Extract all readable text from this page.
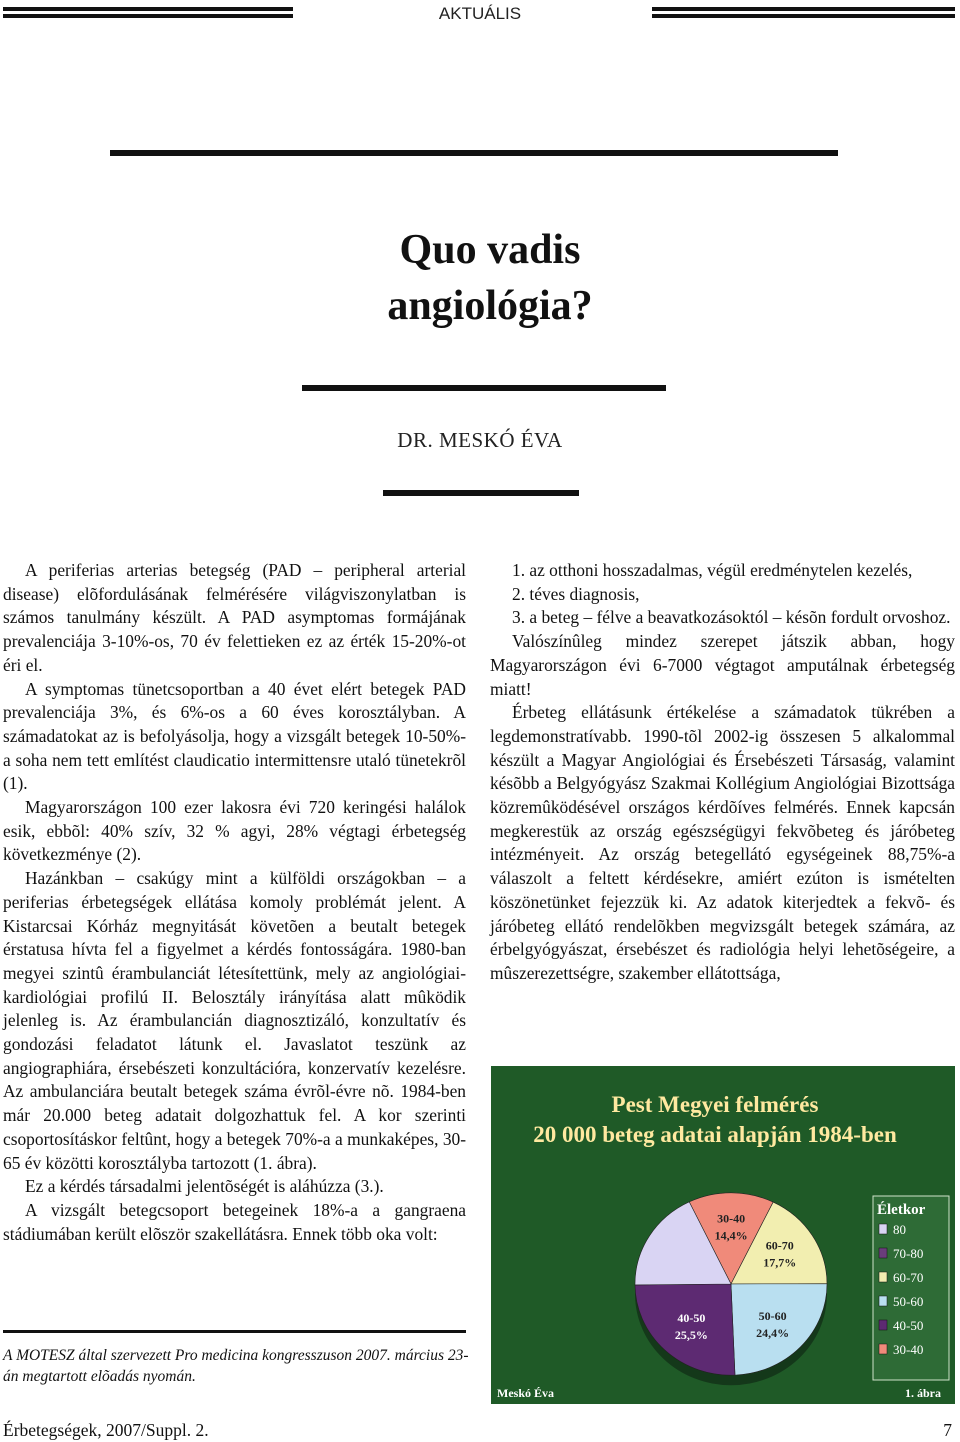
AKTUÁLIS
Quo vadis
angiológia?
DR. MESKÓ ÉVA

A periferias arterias betegség (PAD – peripheral arterial disease) elõfordulásának felmérésére világviszonylatban is számos tanulmány készült. A PAD asymptomas formájának prevalenciája 3-10%-os, 70 év felettieken ez az érték 15-20%-ot éri el.

A symptomas tünetcsoportban a 40 évet elért betegek PAD prevalenciája 3%, és 6%-os a 60 éves korosztályban. A számadatokat az is befolyásolja, hogy a vizsgált betegek 10-50%-a soha nem tett említést claudicatio intermittensre utaló tünetekrõl (1).

Magyarországon 100 ezer lakosra évi 720 keringési halálok esik, ebbõl: 40% szív, 32 % agyi, 28% végtagi érbetegség következménye (2).

Hazánkban – csakúgy mint a külföldi országokban – a periferias érbetegségek ellátása komoly problémát jelent. A Kistarcsai Kórház megnyitását követõen a beutalt betegek érstatusa hívta fel a figyelmet a kérdés fontosságára. 1980-ban megyei szintû érambulanciát létesítettünk, mely az angiológiai-kardiológiai profilú II. Belosztály irányítása alatt mûködik jelenleg is. Az érambulancián diagnosztizáló, konzultatív és gondozási feladatot látunk el. Javaslatot teszünk az angiographiára, érsebészeti konzultációra, konzervatív kezelésre. Az ambulanciára beutalt betegek száma évrõl-évre nõ. 1984-ben már 20.000 beteg adatait dolgozhattuk fel. A kor szerinti csoportosításkor feltûnt, hogy a betegek 70%-a a munkaképes, 30-65 év közötti korosztályba tartozott (1. ábra).

Ez a kérdés társadalmi jelentõségét is aláhúzza (3.).

A vizsgált betegcsoport betegeinek 18%-a a gangraena stádiumában került elõször szakellátásra. Ennek több oka volt:

1. az otthoni hosszadalmas, végül eredménytelen kezelés,

2. téves diagnosis,

3. a beteg – félve a beavatkozásoktól – késõn fordult orvoshoz.

Valószínûleg mindez szerepet játszik abban, hogy Magyarországon évi 6-7000 végtagot amputálnak érbetegség miatt!

Érbeteg ellátásunk értékelése a számadatok tükrében a legdemonstratívabb. 1990-tõl 2002-ig összesen 5 alkalommal készült a Magyar Angiológiai és Érsebészeti Társaság, valamint késõbb a Belgyógyász Szakmai Kollégium Angiológiai Bizottsága közremûködésével országos kérdõíves felmérés. Ennek kapcsán megkerestük az ország egészségügyi fekvõbeteg és járóbeteg intézményeit. Az ország betegellátó egységeinek 88,75%-a válaszolt a feltett kérdésekre, amiért ezúton is ismételten köszönetünket fejezzük ki. Az adatok kiterjedtek a fekvõ- és járóbeteg ellátó rendelõkben megvizsgált betegek számára, az érbelgyógyászat, érsebészet és radiológia helyi lehetõségeire, a mûszerezettségre, szakember ellátottsága,

Pest Megyei felmérés
20 000 beteg adatai alapján 1984-ben
30-40
14,4%
60-70
17,7%
50-60
24,4%
40-50
25,5%
Életkor
80
70-80
60-70
50-60
40-50
30-40
Meskó Éva	1. ábra
A MOTESZ által szervezett Pro medicina kongresszuson 2007. március 23-án megtartott elõadás nyomán.
Érbetegségek, 2007/Suppl. 2.	7
